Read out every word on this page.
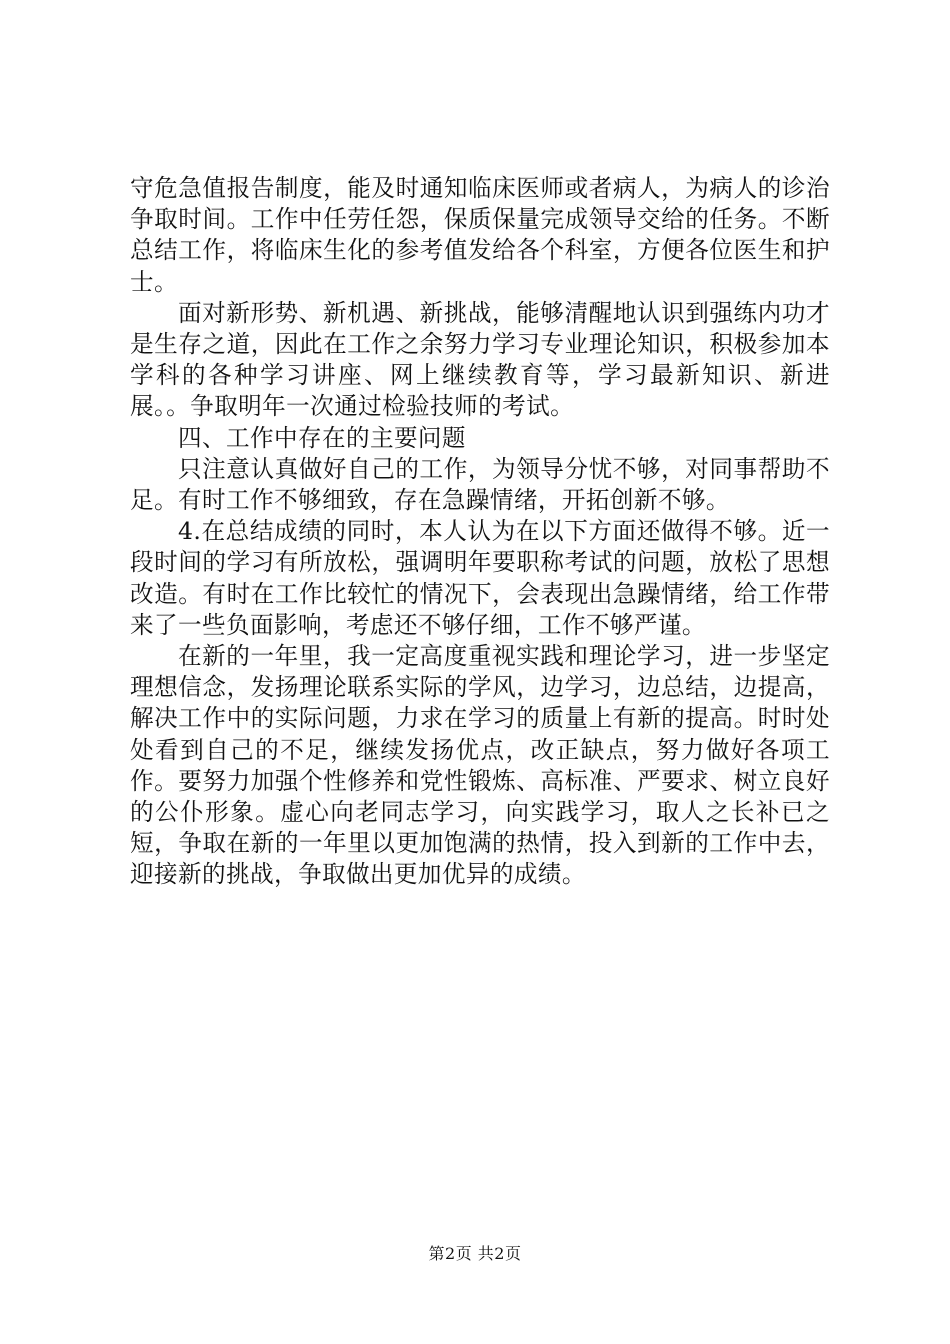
守危急值报告制度，能及时通知临床医师或者病人，为病人的诊治争取时间。工作中任劳任怨，保质保量完成领导交给的任务。不断总结工作，将临床生化的参考值发给各个科室，方便各位医生和护士。

面对新形势、新机遇、新挑战，能够清醒地认识到强练内功才是生存之道，因此在工作之余努力学习专业理论知识，积极参加本学科的各种学习讲座、网上继续教育等，学习最新知识、新进展。。争取明年一次通过检验技师的考试。

四、工作中存在的主要问题

只注意认真做好自己的工作，为领导分忧不够，对同事帮助不足。有时工作不够细致，存在急躁情绪，开拓创新不够。

4.在总结成绩的同时，本人认为在以下方面还做得不够。近一段时间的学习有所放松，强调明年要职称考试的问题，放松了思想改造。有时在工作比较忙的情况下，会表现出急躁情绪，给工作带来了一些负面影响，考虑还不够仔细，工作不够严谨。

在新的一年里，我一定高度重视实践和理论学习，进一步坚定理想信念，发扬理论联系实际的学风，边学习，边总结，边提高，解决工作中的实际问题，力求在学习的质量上有新的提高。时时处处看到自己的不足，继续发扬优点，改正缺点，努力做好各项工作。要努力加强个性修养和党性锻炼、高标准、严要求、树立良好的公仆形象。虚心向老同志学习，向实践学习，取人之长补已之短，争取在新的一年里以更加饱满的热情，投入到新的工作中去，迎接新的挑战，争取做出更加优异的成绩。

第2页 共2页
